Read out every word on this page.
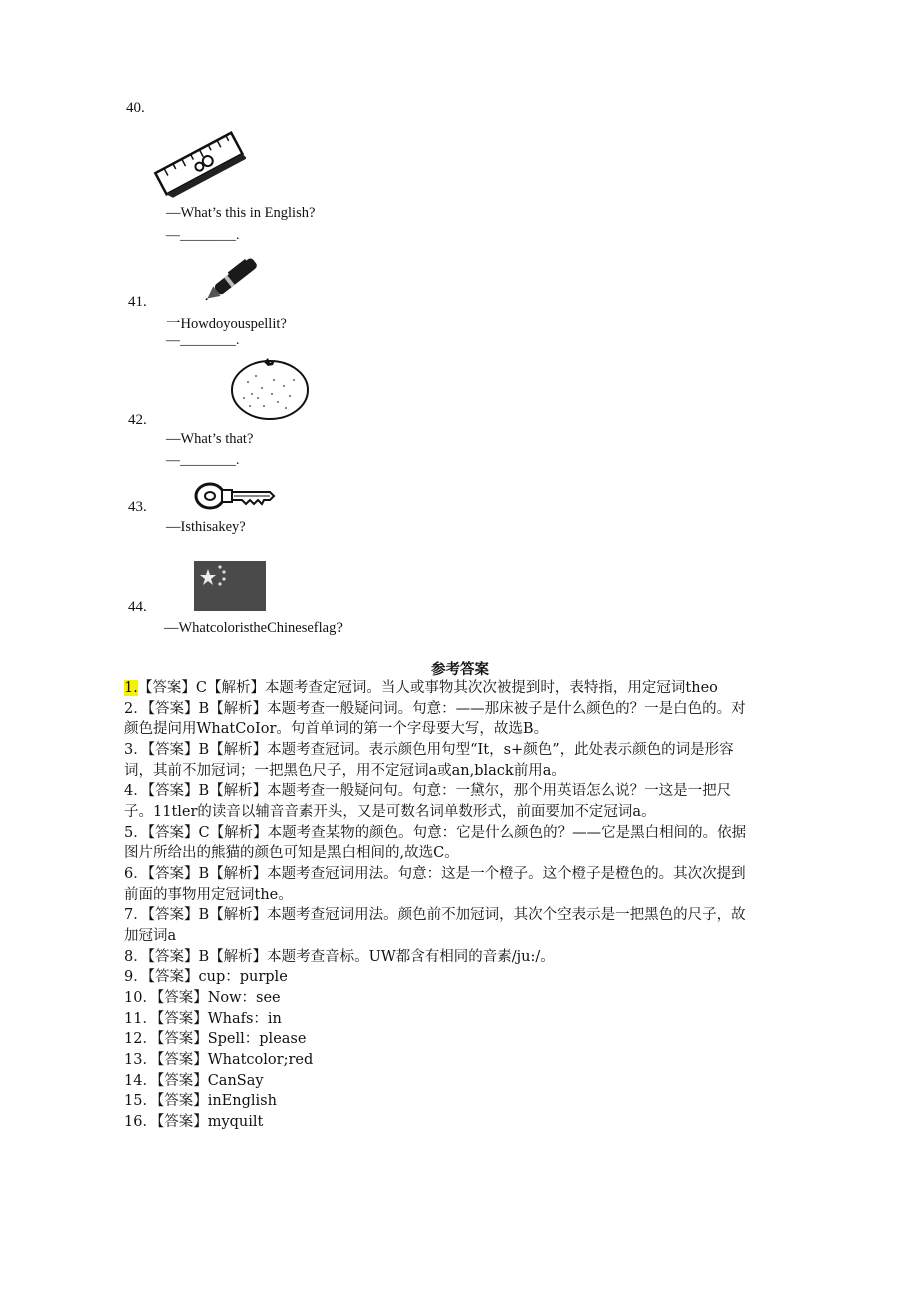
40.
—What’s this in English?
—________.
41.
一Howdoyouspellit?
—________.
42.
—What’s that?
—________.
43.
—Isthisakey?
44.
—WhatcoloristheChineseflag?
参考答案
1.【答案】C【解析】本题考查定冠词。当人或事物其次次被提到时，表特指，用定冠词theo
2．【答案】B【解析】本题考查一般疑问词。句意：——那床被子是什么颜色的？一是白色的。对
颜色提问用WhatCoIor。句首单词的第一个字母要大写，故选B。
3．【答案】B【解析】本题考查冠词。表示颜色用句型“It，s+颜色”，此处表示颜色的词是形容
词，其前不加冠词；一把黑色尺子，用不定冠词a或an,black前用a。
4．【答案】B【解析】本题考查一般疑问句。句意：一黛尔，那个用英语怎么说？一这是一把尺
子。11tler的读音以辅音音素开头，又是可数名词单数形式，前面要加不定冠词a。
5．【答案】C【解析】本题考查某物的颜色。句意：它是什么颜色的？——它是黑白相间的。依据
图片所给出的熊猫的颜色可知是黑白相间的,故选C。
6．【答案】B【解析】本题考查冠词用法。句意：这是一个橙子。这个橙子是橙色的。其次次提到
前面的事物用定冠词the。
7．【答案】B【解析】本题考查冠词用法。颜色前不加冠词，其次个空表示是一把黑色的尺子，故
加冠词a
8．【答案】B【解析】本题考查音标。UW都含有相同的音素/ju:/。
9．【答案】cup：purple
10．【答案】Now：see
11．【答案】Whafs：in
12．【答案】Spell：please
13．【答案】Whatcolor;red
14．【答案】CanSay
15．【答案】inEnglish
16．【答案】myquilt
